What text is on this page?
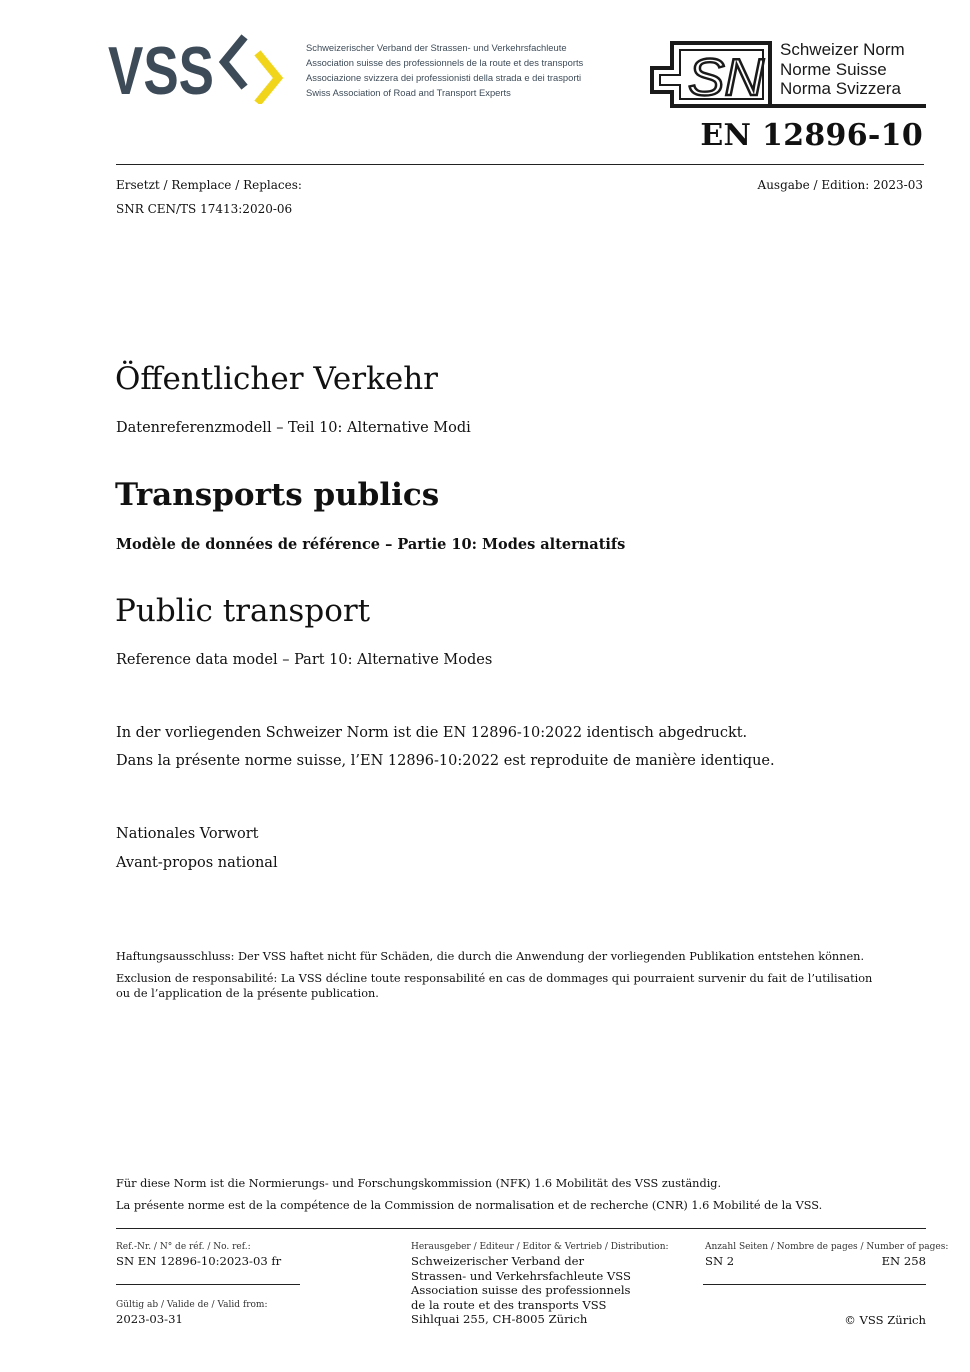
VSS	Schweizerischer Verband der Strassen- und Verkehrsfachleute
Association suisse des professionnels de la route et des transports
Associazione svizzera dei professionisti della strada e dei trasporti
Swiss Association of Road and Transport Experts	SN Schweizer Norm
Norme Suisse
Norma Svizzera
EN 12896-10
Ersetzt / Remplace / Replaces:
SNR CEN/TS 17413:2020-06
Ausgabe / Edition: 2023-03
Öffentlicher Verkehr
Datenreferenzmodell – Teil 10: Alternative Modi
Transports publics
Modèle de données de référence – Partie 10: Modes alternatifs
Public transport
Reference data model – Part 10: Alternative Modes
In der vorliegenden Schweizer Norm ist die EN 12896-10:2022 identisch abgedruckt.
Dans la présente norme suisse, l’EN 12896-10:2022 est reproduite de manière identique.
Nationales Vorwort
Avant-propos national
Haftungsausschluss: Der VSS haftet nicht für Schäden, die durch die Anwendung der vorliegenden Publikation entstehen können.
Exclusion de responsabilité: La VSS décline toute responsabilité en cas de dommages qui pourraient survenir du fait de l’utilisation
ou de l’application de la présente publication.
Für diese Norm ist die Normierungs- und Forschungskommission (NFK) 1.6 Mobilität des VSS zuständig.
La présente norme est de la compétence de la Commission de normalisation et de recherche (CNR) 1.6 Mobilité de la VSS.
Ref.-Nr. / N° de réf. / No. ref.:
SN EN 12896-10:2023-03 fr
Gültig ab / Valide de / Valid from:
2023-03-31
Herausgeber / Editeur / Editor & Vertrieb / Distribution:
Schweizerischer Verband der
Strassen- und Verkehrsfachleute VSS
Association suisse des professionnels
de la route et des transports VSS
Sihlquai 255, CH-8005 Zürich
Anzahl Seiten / Nombre de pages / Number of pages:
SN 2	EN 258
© VSS Zürich
